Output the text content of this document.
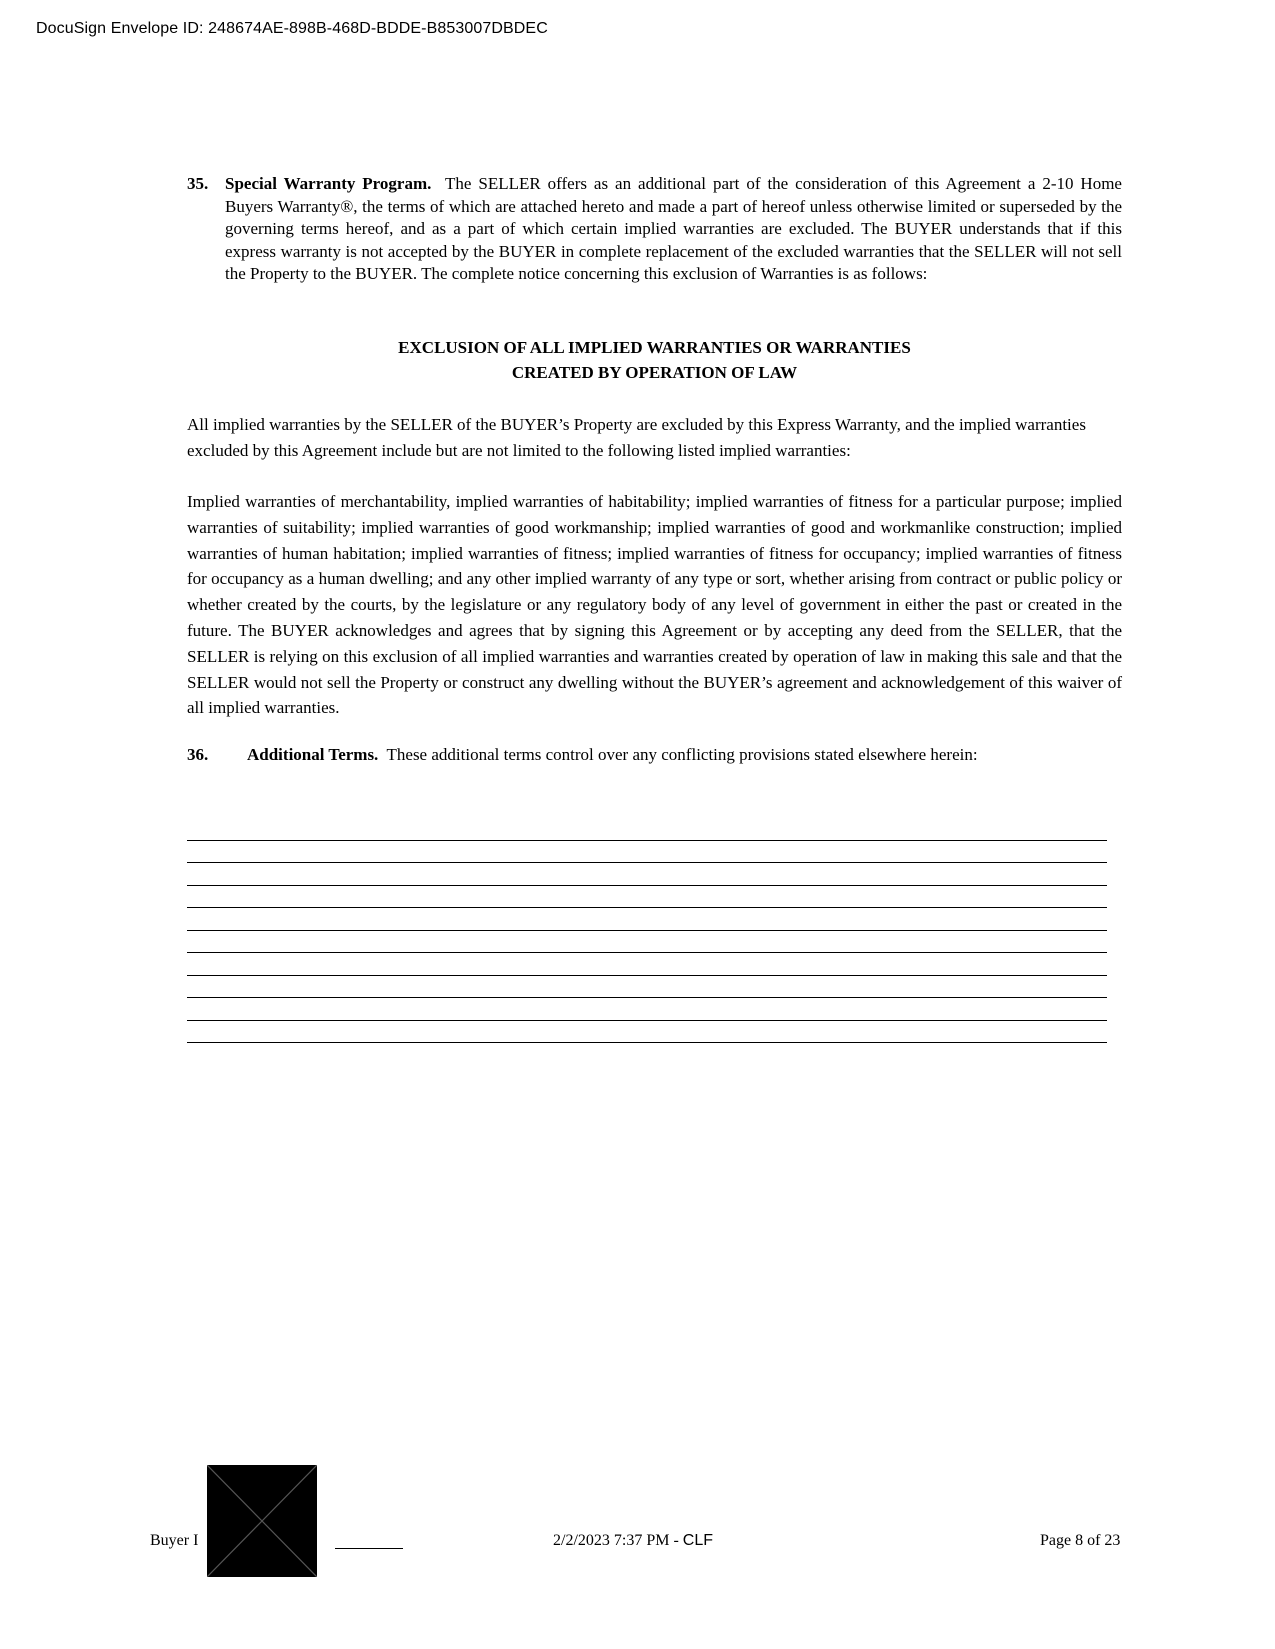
DocuSign Envelope ID: 248674AE-898B-468D-BDDE-B853007DBDEC
35. Special Warranty Program. The SELLER offers as an additional part of the consideration of this Agreement a 2-10 Home Buyers Warranty®, the terms of which are attached hereto and made a part of hereof unless otherwise limited or superseded by the governing terms hereof, and as a part of which certain implied warranties are excluded. The BUYER understands that if this express warranty is not accepted by the BUYER in complete replacement of the excluded warranties that the SELLER will not sell the Property to the BUYER. The complete notice concerning this exclusion of Warranties is as follows:
EXCLUSION OF ALL IMPLIED WARRANTIES OR WARRANTIES
CREATED BY OPERATION OF LAW
All implied warranties by the SELLER of the BUYER’s Property are excluded by this Express Warranty, and the implied warranties excluded by this Agreement include but are not limited to the following listed implied warranties:
Implied warranties of merchantability, implied warranties of habitability; implied warranties of fitness for a particular purpose; implied warranties of suitability; implied warranties of good workmanship; implied warranties of good and workmanlike construction; implied warranties of human habitation; implied warranties of fitness; implied warranties of fitness for occupancy; implied warranties of fitness for occupancy as a human dwelling; and any other implied warranty of any type or sort, whether arising from contract or public policy or whether created by the courts, by the legislature or any regulatory body of any level of government in either the past or created in the future. The BUYER acknowledges and agrees that by signing this Agreement or by accepting any deed from the SELLER, that the SELLER is relying on this exclusion of all implied warranties and warranties created by operation of law in making this sale and that the SELLER would not sell the Property or construct any dwelling without the BUYER’s agreement and acknowledgement of this waiver of all implied warranties.
36. Additional Terms. These additional terms control over any conflicting provisions stated elsewhere herein:
Buyer I	2/2/2023 7:37 PM - CLF	Page 8 of 23
